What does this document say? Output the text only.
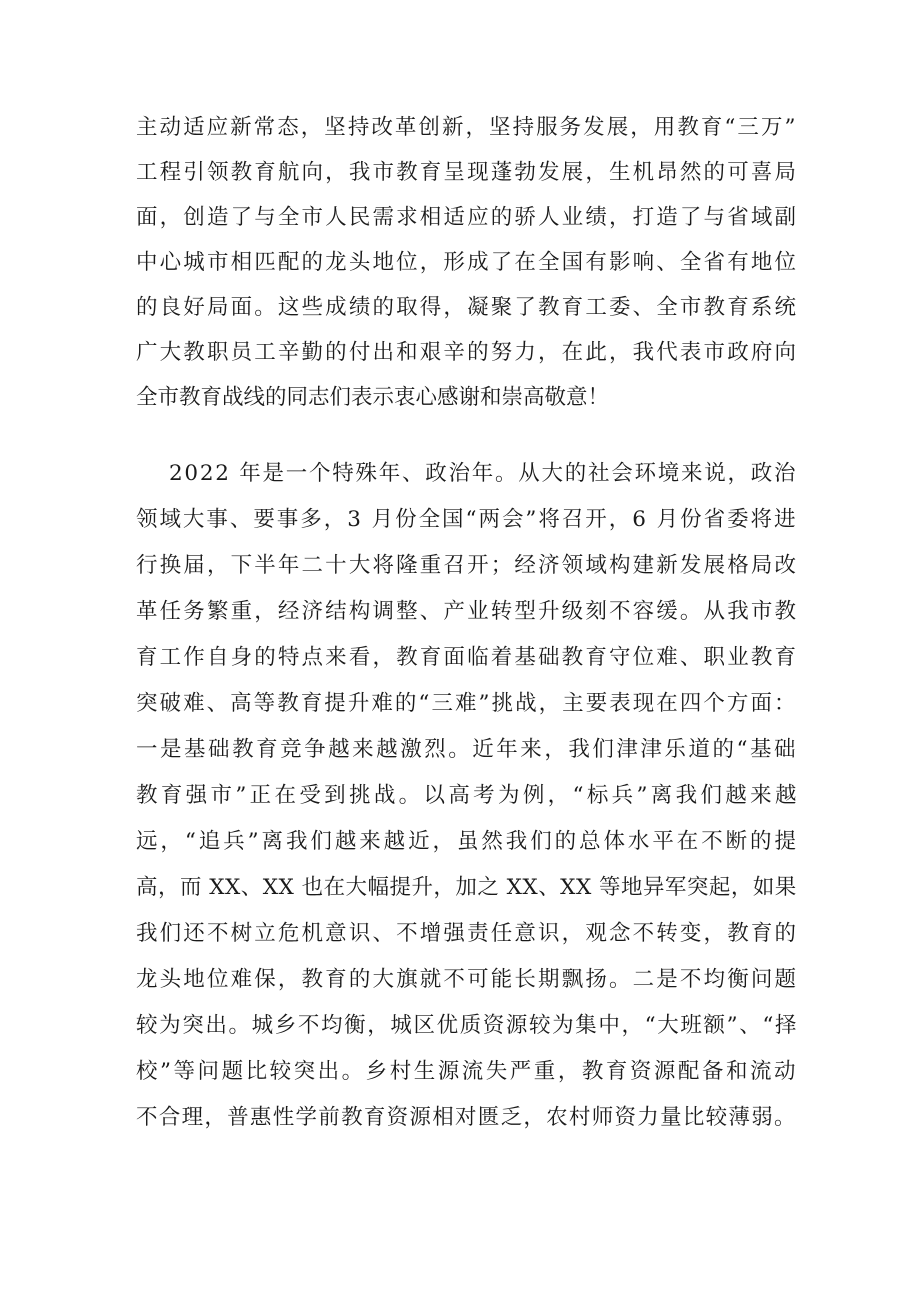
主动适应新常态，坚持改革创新，坚持服务发展，用教育“三万”
工程引领教育航向，我市教育呈现蓬勃发展，生机昂然的可喜局
面，创造了与全市人民需求相适应的骄人业绩，打造了与省域副
中心城市相匹配的龙头地位，形成了在全国有影响、全省有地位
的良好局面。这些成绩的取得，凝聚了教育工委、全市教育系统
广大教职员工辛勤的付出和艰辛的努力，在此，我代表市政府向
全市教育战线的同志们表示衷心感谢和崇高敬意！
2022 年是一个特殊年、政治年。从大的社会环境来说，政治
领域大事、要事多，3 月份全国“两会”将召开，6 月份省委将进
行换届，下半年二十大将隆重召开；经济领域构建新发展格局改
革任务繁重，经济结构调整、产业转型升级刻不容缓。从我市教
育工作自身的特点来看，教育面临着基础教育守位难、职业教育
突破难、高等教育提升难的“三难”挑战，主要表现在四个方面：
一是基础教育竞争越来越激烈。近年来，我们津津乐道的“基础
教育强市”正在受到挑战。以高考为例，“标兵”离我们越来越
远，“追兵”离我们越来越近，虽然我们的总体水平在不断的提
高，而 XX、XX 也在大幅提升，加之 XX、XX 等地异军突起，如果
我们还不树立危机意识、不增强责任意识，观念不转变，教育的
龙头地位难保，教育的大旗就不可能长期飘扬。二是不均衡问题
较为突出。城乡不均衡，城区优质资源较为集中，“大班额”、“择
校”等问题比较突出。乡村生源流失严重，教育资源配备和流动
不合理，普惠性学前教育资源相对匮乏，农村师资力量比较薄弱。
